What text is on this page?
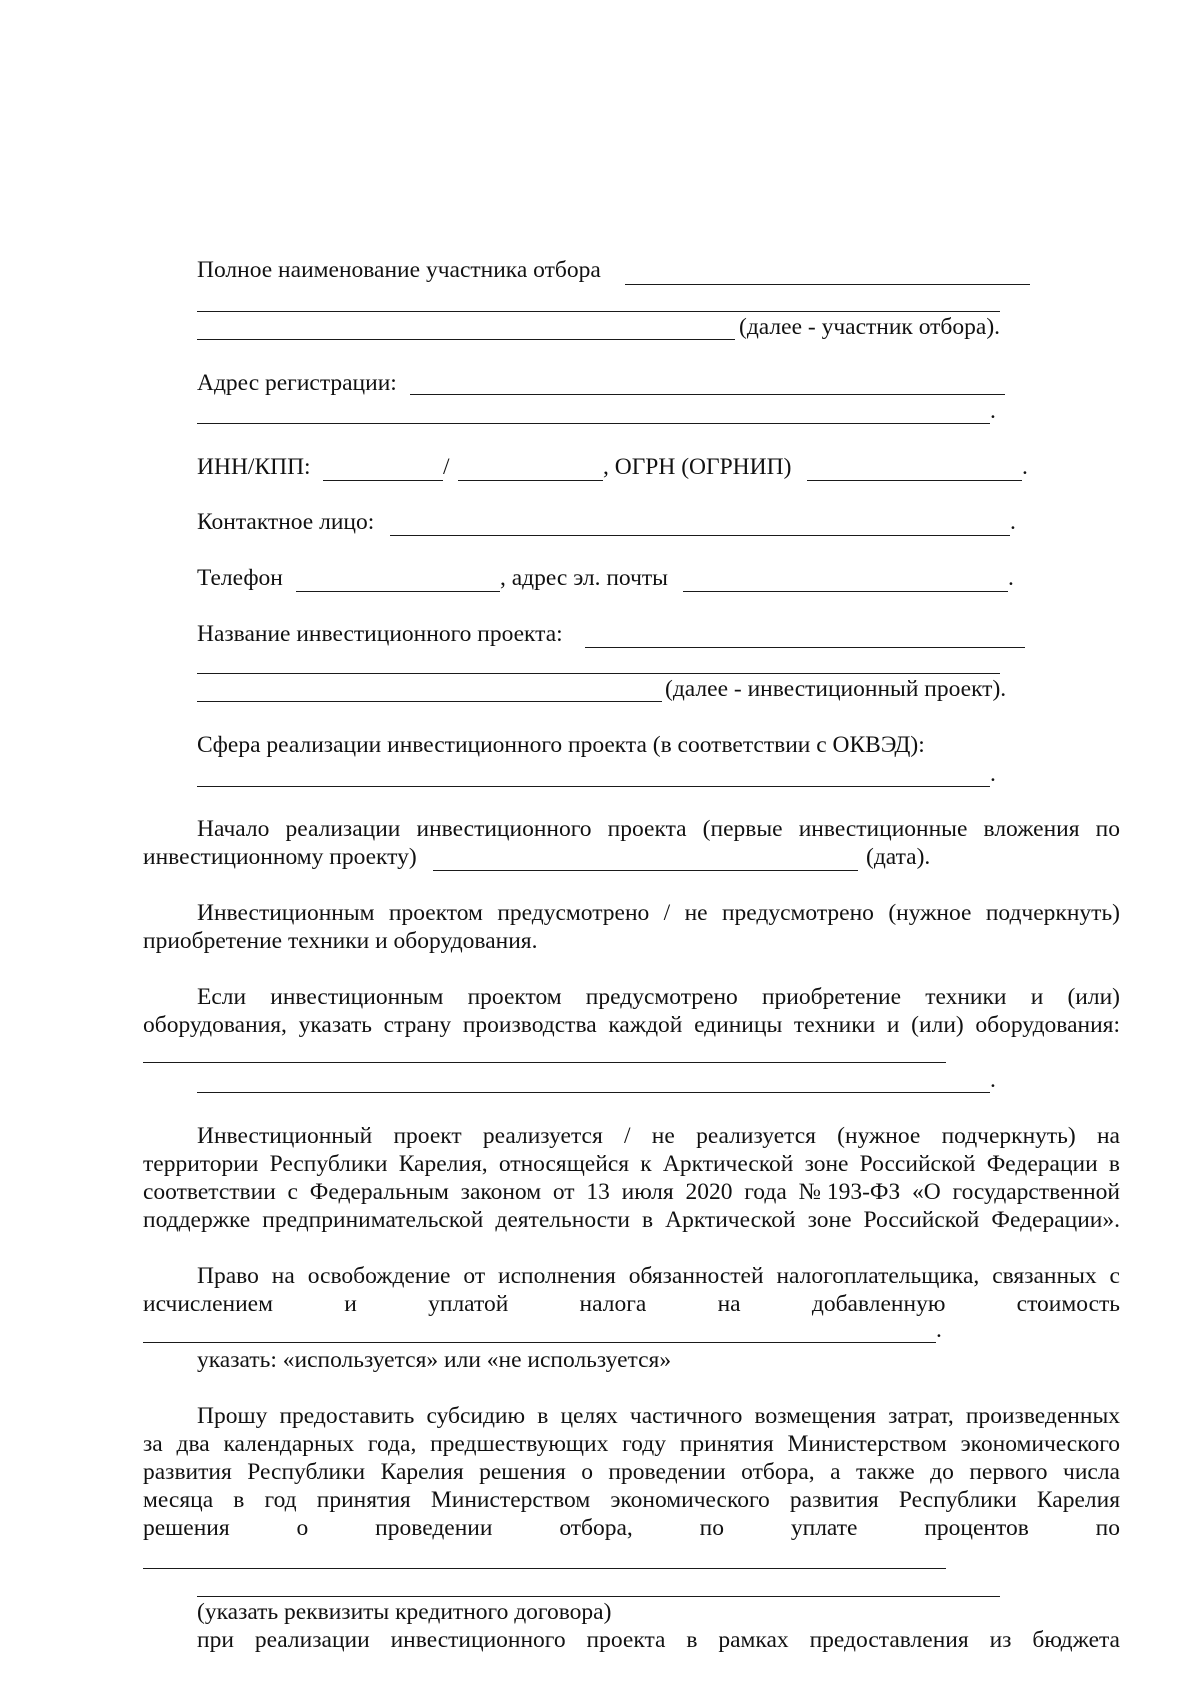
Полное наименование участника отбора
(далее - участник отбора).
Адрес регистрации:
.
ИНН/КПП:	/	, ОГРН (ОГРНИП)	.
Контактное лицо:	.
Телефон	, адрес эл. почты	.
Название инвестиционного проекта:
(далее - инвестиционный проект).
Сфера реализации инвестиционного проекта (в соответствии с ОКВЭД):
.
Начало реализации инвестиционного проекта (первые инвестиционные вложения по
инвестиционному проекту)	(дата).
Инвестиционным проектом предусмотрено / не предусмотрено (нужное подчеркнуть)
приобретение техники и оборудования.
Если инвестиционным проектом предусмотрено приобретение техники и (или)
оборудования, указать страну производства каждой единицы техники и (или) оборудования:
.
Инвестиционный проект реализуется / не реализуется (нужное подчеркнуть) на
территории Республики Карелия, относящейся к Арктической зоне Российской Федерации в
соответствии с Федеральным законом от 13 июля 2020 года №193-ФЗ «О государственной
поддержке предпринимательской деятельности в Арктической зоне Российской Федерации».
Право на освобождение от исполнения обязанностей налогоплательщика, связанных с
исчислением и уплатой налога на добавленную стоимость
.
указать: «используется» или «не используется»
Прошу предоставить субсидию в целях частичного возмещения затрат, произведенных
за два календарных года, предшествующих году принятия Министерством экономического
развития Республики Карелия решения о проведении отбора, а также до первого числа
месяца в год принятия Министерством экономического развития Республики Карелия
решения о проведении отбора, по уплате процентов по
(указать реквизиты кредитного договора)
при реализации инвестиционного проекта в рамках предоставления из бюджета
